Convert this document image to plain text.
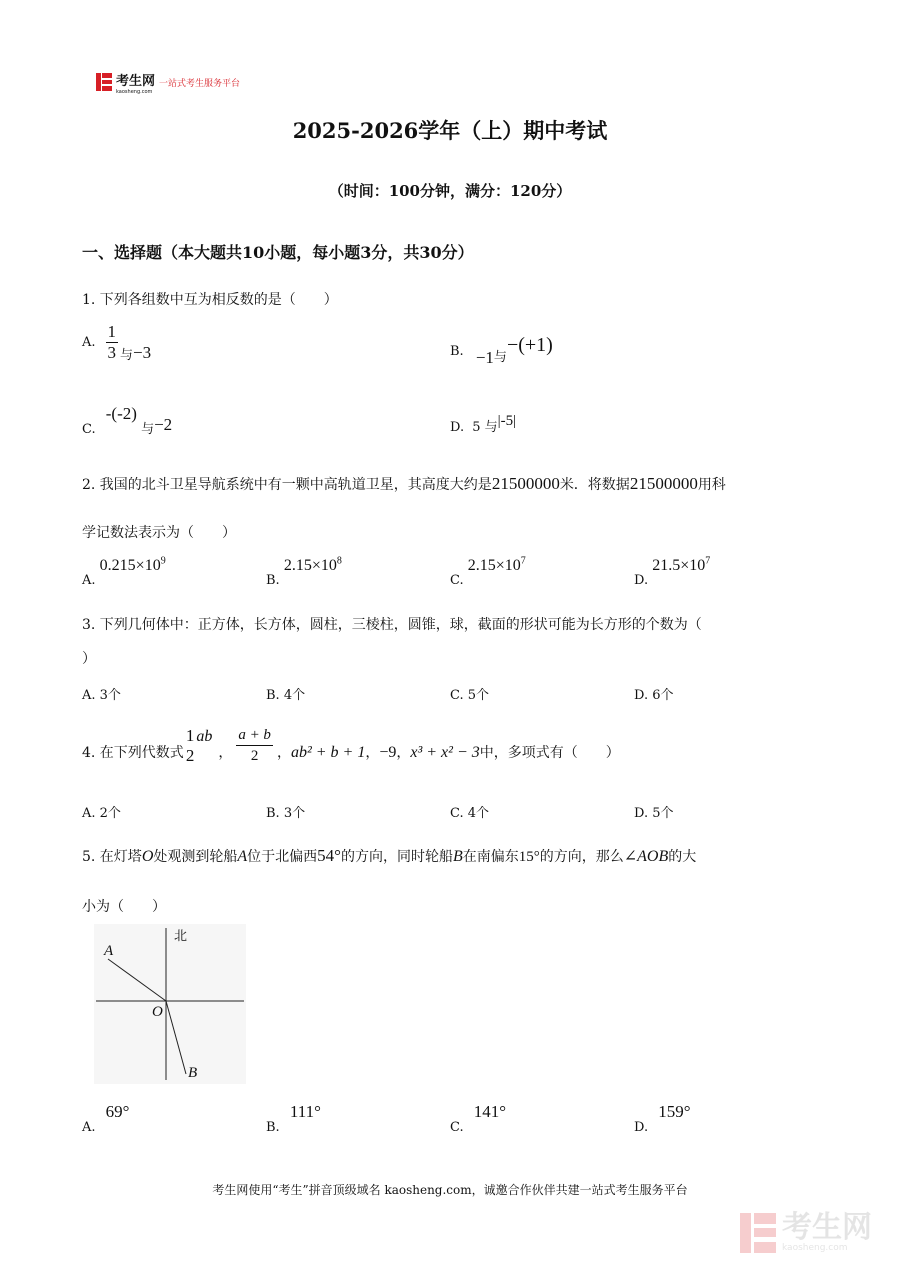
考生网
kaosheng.com
一站式考生服务平台
2025-2026学年（上）期中考试
（时间：100分钟，满分：120分）
一、选择题（本大题共10小题，每小题3分，共30分）
1. 下列各组数中互为相反数的是（　　）
A. $\frac{1}{3}$ 与 −3	B. −1与−(+1)
C. -(-2) 与−2	D. 5 与|-5|
2. 我国的北斗卫星导航系统中有一颗中高轨道卫星，其高度大约是21500000米．将数据21500000用科
学记数法表示为（　　）
A. $0.215\times 10^9$
B. $2.15\times 10^8$
C. $2.15\times 10^7$
D. $21.5\times 10^7$
3. 下列几何体中：正方体，长方体，圆柱，三棱柱，圆锥，球，截面的形状可能为长方形的个数为（
）
A. 3个	B. 4个	C. 5个	D. 6个
4. 在下列代数式
1
2
ab
， $\frac{a + b}{2}$ ， ab² + b + 1 ， −9 ， x³ + x² − 3 中，多项式有（　　）
A. 2个	B. 3个	C. 4个	D. 5个
5. 在灯塔O处观测到轮船A位于北偏西54°的方向，同时轮船B在南偏东15°的方向，那么∠AOB的大
小为（　　）
北
A
O
B
A. 69°
B. 111°
C. 141°
D. 159°
考生网使用“考生”拼音顶级域名 kaosheng.com，诚邀合作伙伴共建一站式考生服务平台
考生网
kaosheng.com
